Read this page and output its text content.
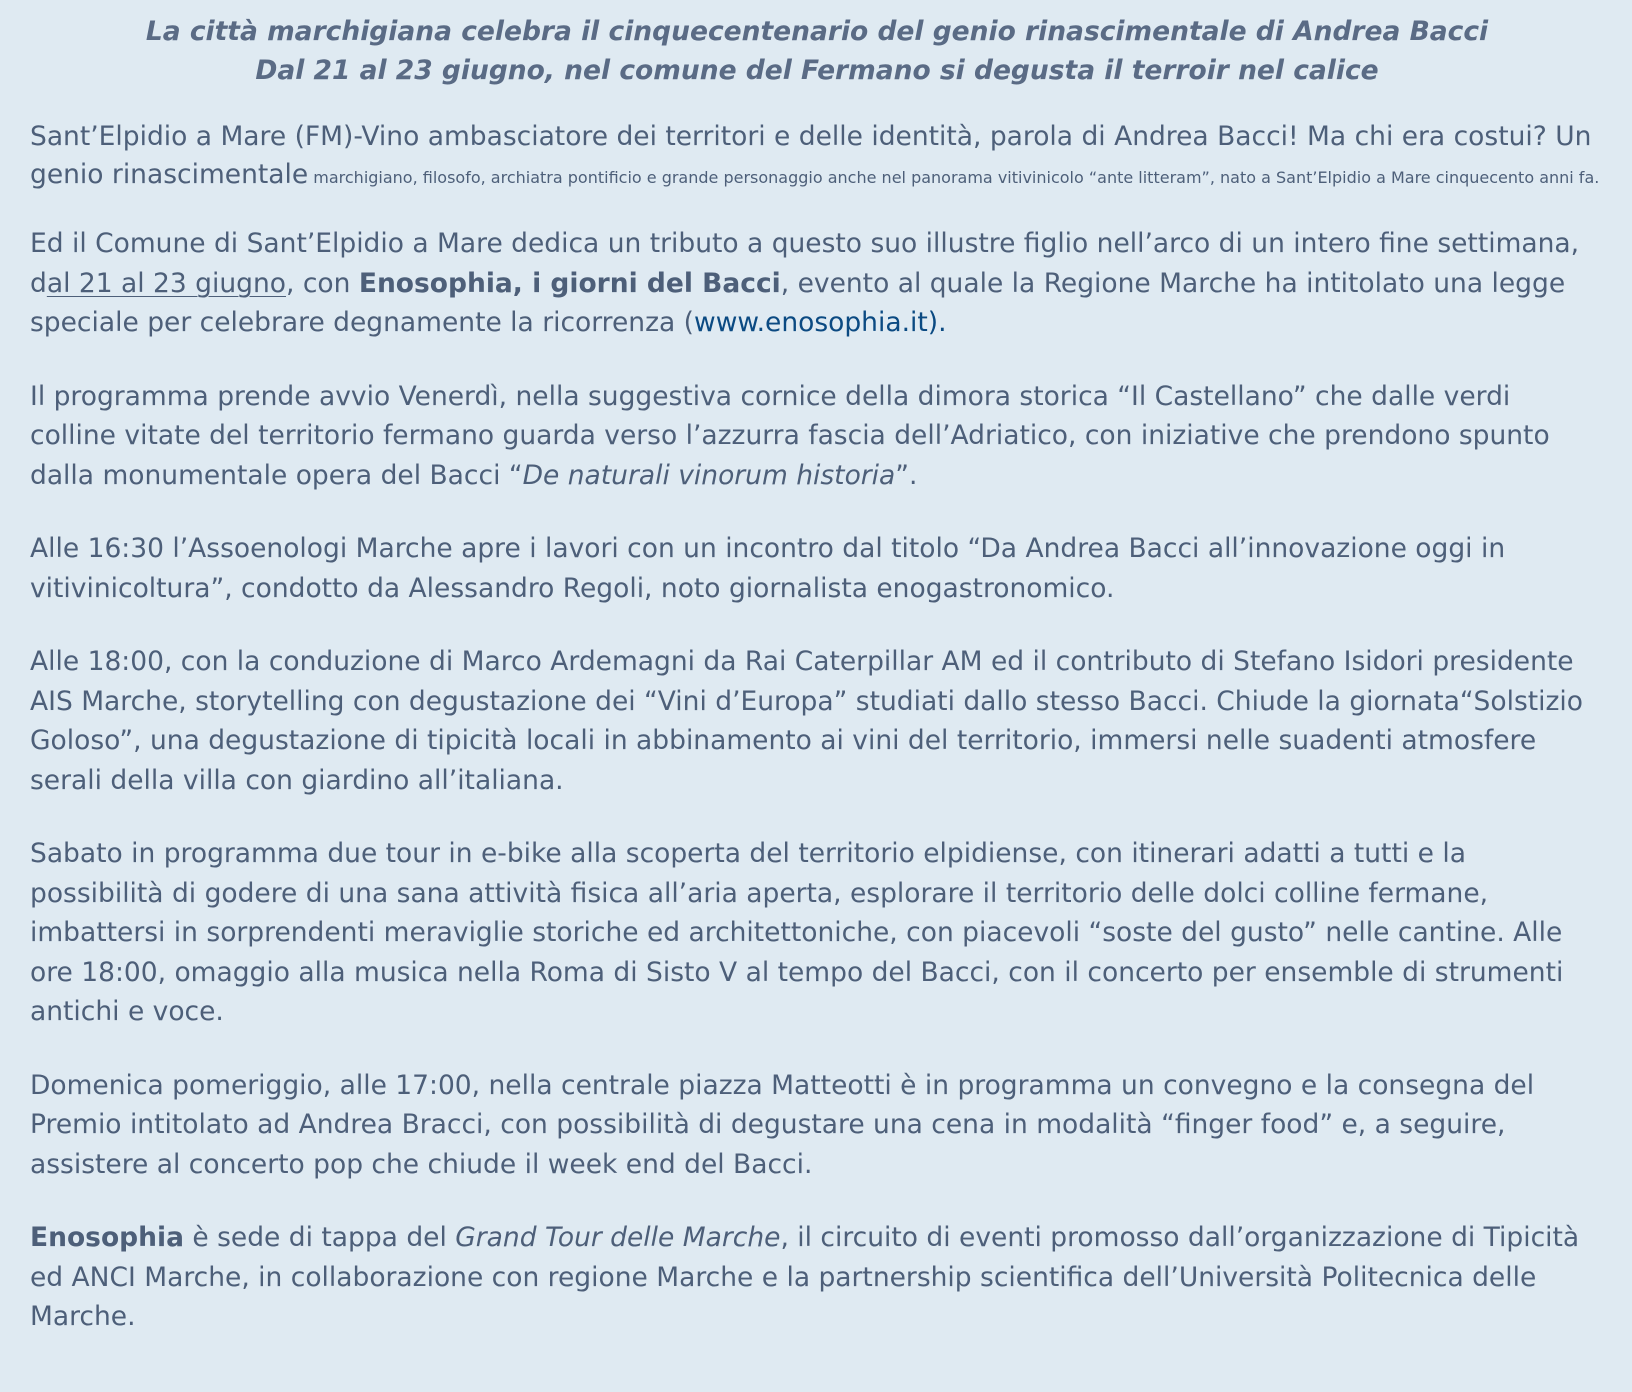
La città marchigiana celebra il cinquecentenario del genio rinascimentale di Andrea Bacci
Dal 21 al 23 giugno, nel comune del Fermano si degusta il terroir nel calice

Sant’Elpidio a Mare (FM)-Vino ambasciatore dei territori e delle identità, parola di Andrea Bacci! Ma chi era costui? Un genio rinascimentale marchigiano, filosofo, archiatra pontificio e grande personaggio anche nel panorama vitivinicolo “ante litteram”, nato a Sant’Elpidio a Mare cinquecento anni fa.

Ed il Comune di Sant’Elpidio a Mare dedica un tributo a questo suo illustre figlio nell’arco di un intero fine settimana, dal 21 al 23 giugno, con Enosophia, i giorni del Bacci, evento al quale la Regione Marche ha intitolato una legge speciale per celebrare degnamente la ricorrenza (www.enosophia.it).

Il programma prende avvio Venerdì, nella suggestiva cornice della dimora storica “Il Castellano” che dalle verdi colline vitate del territorio fermano guarda verso l’azzurra fascia dell’Adriatico, con iniziative che prendono spunto dalla monumentale opera del Bacci “De naturali vinorum historia”.

Alle 16:30 l’Assoenologi Marche apre i lavori con un incontro dal titolo “Da Andrea Bacci all’innovazione oggi in vitivinicoltura”, condotto da Alessandro Regoli, noto giornalista enogastronomico.

Alle 18:00, con la conduzione di Marco Ardemagni da Rai Caterpillar AM ed il contributo di Stefano Isidori presidente AIS Marche, storytelling con degustazione dei “Vini d’Europa” studiati dallo stesso Bacci. Chiude la giornata“Solstizio Goloso”, una degustazione di tipicità locali in abbinamento ai vini del territorio, immersi nelle suadenti atmosfere serali della villa con giardino all’italiana.

Sabato in programma due tour in e-bike alla scoperta del territorio elpidiense, con itinerari adatti a tutti e la possibilità di godere di una sana attività fisica all’aria aperta, esplorare il territorio delle dolci colline fermane, imbattersi in sorprendenti meraviglie storiche ed architettoniche, con piacevoli “soste del gusto” nelle cantine. Alle ore 18:00, omaggio alla musica nella Roma di Sisto V al tempo del Bacci, con il concerto per ensemble di strumenti antichi e voce.

Domenica pomeriggio, alle 17:00, nella centrale piazza Matteotti è in programma un convegno e la consegna del Premio intitolato ad Andrea Bracci, con possibilità di degustare una cena in modalità “finger food” e, a seguire, assistere al concerto pop che chiude il week end del Bacci.

Enosophia è sede di tappa del Grand Tour delle Marche, il circuito di eventi promosso dall’organizzazione di Tipicità ed ANCI Marche, in collaborazione con regione Marche e la partnership scientifica dell’Università Politecnica delle Marche.
